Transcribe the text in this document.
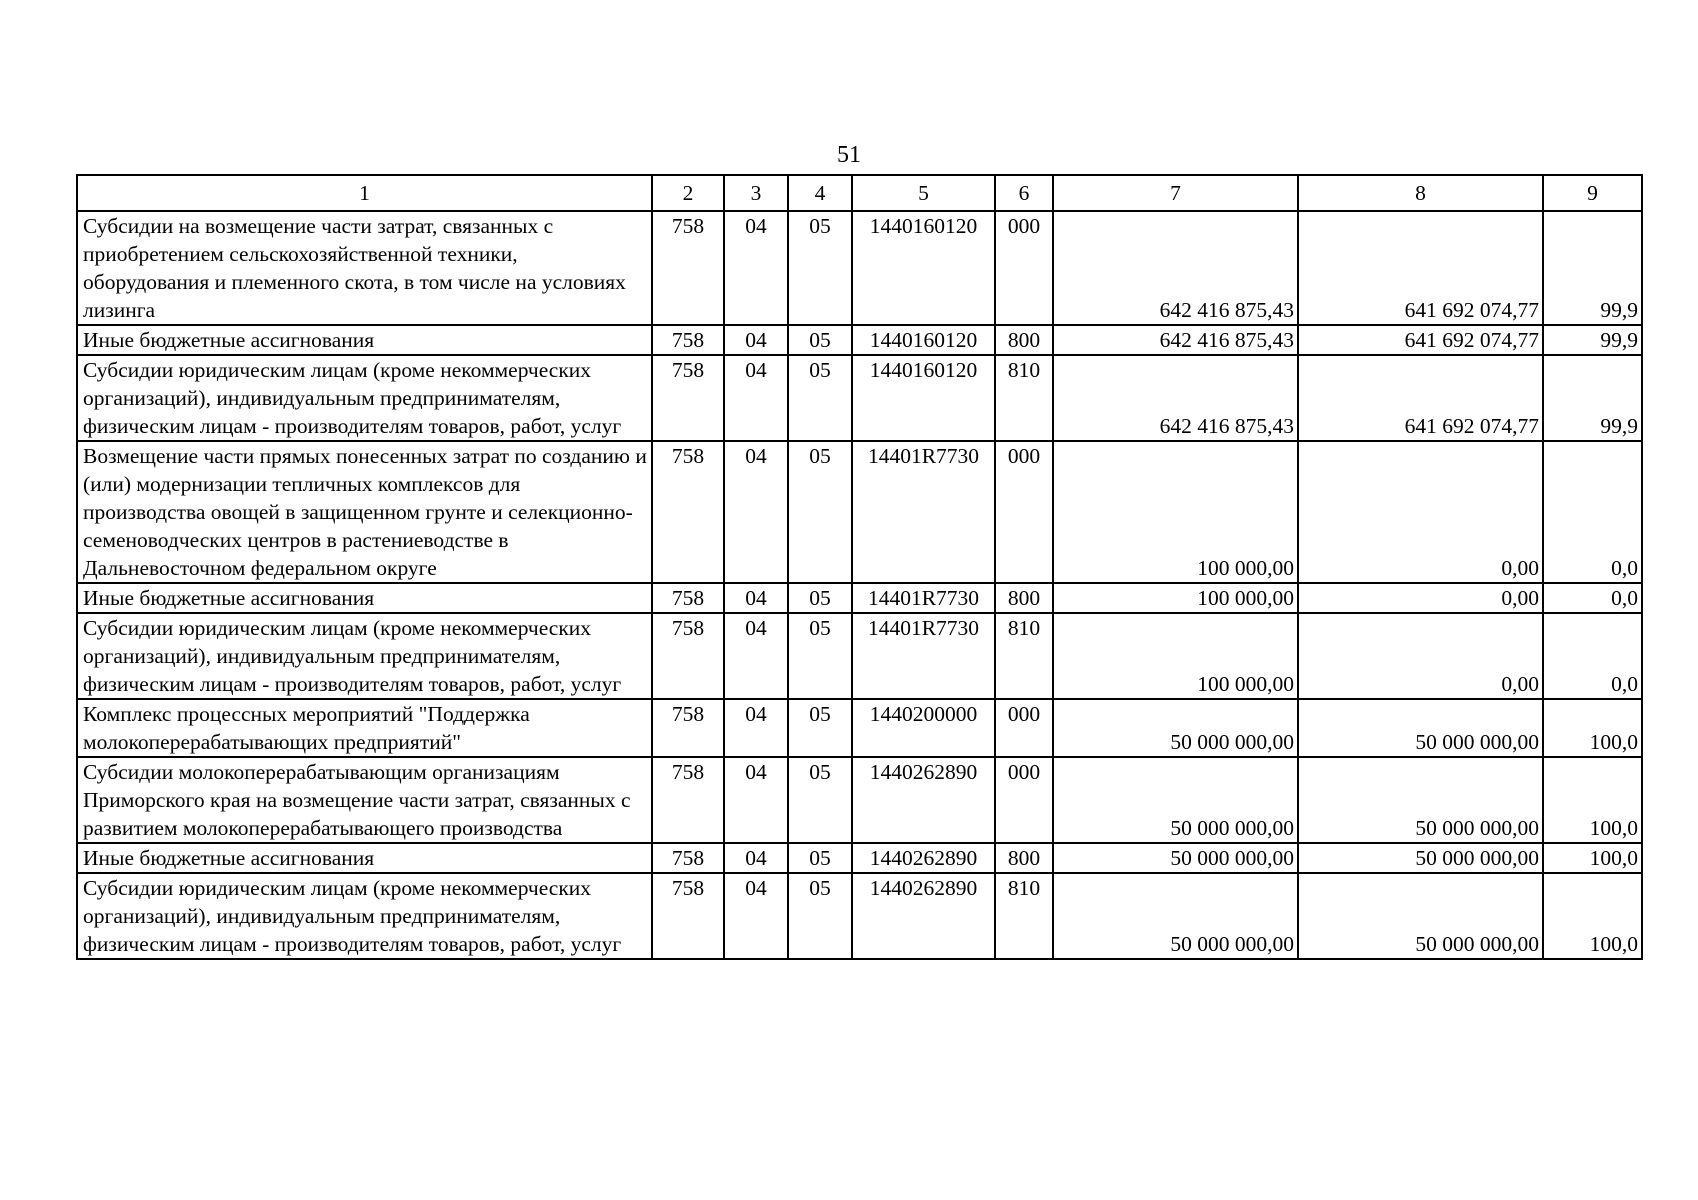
51
1	2	3	4	5	6	7	8	9
Субсидии на возмещение части затрат, связанных с приобретением сельскохозяйственной техники, оборудования и племенного скота, в том числе на условиях лизинга	758	04	05	1440160120	000	642 416 875,43	641 692 074,77	99,9
Иные бюджетные ассигнования	758	04	05	1440160120	800	642 416 875,43	641 692 074,77	99,9
Субсидии юридическим лицам (кроме некоммерческих организаций), индивидуальным предпринимателям, физическим лицам - производителям товаров, работ, услуг	758	04	05	1440160120	810	642 416 875,43	641 692 074,77	99,9
Возмещение части прямых понесенных затрат по созданию и (или) модернизации тепличных комплексов для производства овощей в защищенном грунте и селекционно-семеноводческих центров в растениеводстве в Дальневосточном федеральном округе	758	04	05	14401R7730	000	100 000,00	0,00	0,0
Иные бюджетные ассигнования	758	04	05	14401R7730	800	100 000,00	0,00	0,0
Субсидии юридическим лицам (кроме некоммерческих организаций), индивидуальным предпринимателям, физическим лицам - производителям товаров, работ, услуг	758	04	05	14401R7730	810	100 000,00	0,00	0,0
Комплекс процессных мероприятий "Поддержка молокоперерабатывающих предприятий"	758	04	05	1440200000	000	50 000 000,00	50 000 000,00	100,0
Субсидии молокоперерабатывающим организациям Приморского края на возмещение части затрат, связанных с развитием молокоперерабатывающего производства	758	04	05	1440262890	000	50 000 000,00	50 000 000,00	100,0
Иные бюджетные ассигнования	758	04	05	1440262890	800	50 000 000,00	50 000 000,00	100,0
Субсидии юридическим лицам (кроме некоммерческих организаций), индивидуальным предпринимателям, физическим лицам - производителям товаров, работ, услуг	758	04	05	1440262890	810	50 000 000,00	50 000 000,00	100,0
